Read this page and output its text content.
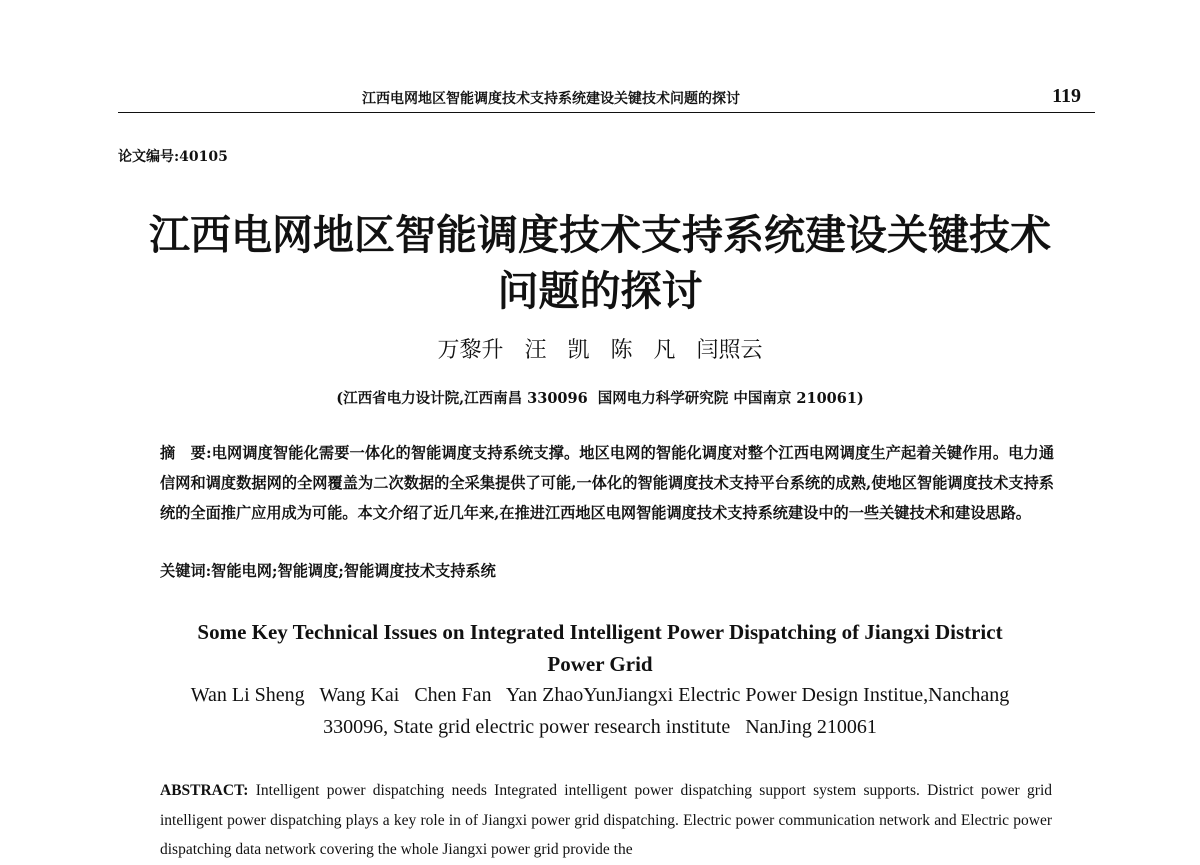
江西电网地区智能调度技术支持系统建设关键技术问题的探讨	119
论文编号:40105
江西电网地区智能调度技术支持系统建设关键技术
问题的探讨
万黎升   汪   凯   陈   凡   闫照云
(江西省电力设计院,江西南昌 330096  国网电力科学研究院 中国南京 210061)

摘　要:电网调度智能化需要一体化的智能调度支持系统支撑。地区电网的智能化调度对整个江西电网调度生产起着关键作用。电力通信网和调度数据网的全网覆盖为二次数据的全采集提供了可能,一体化的智能调度技术支持平台系统的成熟,使地区智能调度技术支持系统的全面推广应用成为可能。本文介绍了近几年来,在推进江西地区电网智能调度技术支持系统建设中的一些关键技术和建设思路。

关键词:智能电网;智能调度;智能调度技术支持系统
Some Key Technical Issues on Integrated Intelligent Power Dispatching of Jiangxi District
Power Grid
Wan Li Sheng   Wang Kai   Chen Fan   Yan ZhaoYunJiangxi Electric Power Design Institue,Nanchang
330096, State grid electric power research institute   NanJing 210061

ABSTRACT: Intelligent power dispatching needs Integrated intelligent power dispatching support system supports. District power grid intelligent power dispatching plays a key role in of Jiangxi power grid dispatching. Electric power communication network and Electric power dispatching data network covering the whole Jiangxi power grid provide the
